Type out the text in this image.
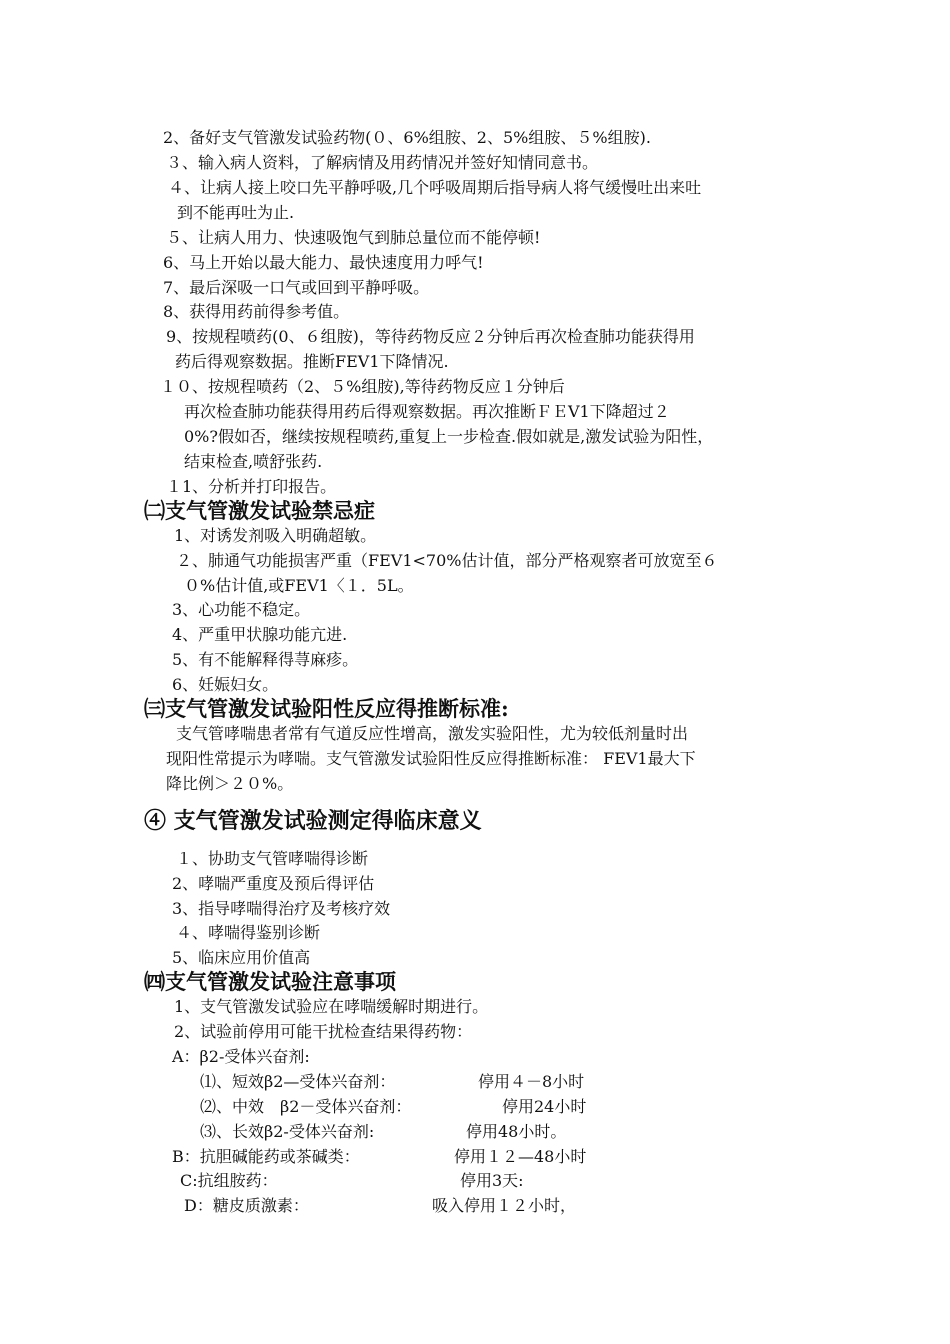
2、备好支气管激发试验药物(０、6%组胺、2、5%组胺、５%组胺).
３、输入病人资料，了解病情及用药情况并签好知情同意书。
４、让病人接上咬口先平静呼吸,几个呼吸周期后指导病人将气缓慢吐出来吐
到不能再吐为止.
５、让病人用力、快速吸饱气到肺总量位而不能停顿!
6、马上开始以最大能力、最快速度用力呼气!
7、最后深吸一口气或回到平静呼吸。
8、获得用药前得参考值。
9、按规程喷药(0、６组胺)，等待药物反应２分钟后再次检查肺功能获得用
药后得观察数据。推断FEV1下降情况.
１０、按规程喷药（2、５%组胺),等待药物反应１分钟后
再次检查肺功能获得用药后得观察数据。再次推断ＦＥV1下降超过２
0%?假如否，继续按规程喷药,重复上一步检查.假如就是,激发试验为阳性，
结束检查,喷舒张药.
１1、分析并打印报告。
㈡支气管激发试验禁忌症
1、对诱发剂吸入明确超敏。
２、肺通气功能损害严重（FEV1<70%估计值，部分严格观察者可放宽至６
０%估计值,或FEV1〈１．5L。
3、心功能不稳定。
4、严重甲状腺功能亢进.
5、有不能解释得荨麻疹。
6、妊娠妇女。
㈢支气管激发试验阳性反应得推断标准:
支气管哮喘患者常有气道反应性增高，激发实验阳性，尤为较低剂量时出
现阳性常提示为哮喘。支气管激发试验阳性反应得推断标准： FEV1最大下
降比例＞２０%。
④ 支气管激发试验测定得临床意义
１、协助支气管哮喘得诊断
2、哮喘严重度及预后得评估
3、指导哮喘得治疗及考核疗效
４、哮喘得鉴别诊断
5、临床应用价值高
㈣支气管激发试验注意事项
1、支气管激发试验应在哮喘缓解时期进行。
2、试验前停用可能干扰检查结果得药物：
A：β2-受体兴奋剂:
⑴、短效β2—受体兴奋剂：	停用４－8小时
⑵、中效　β2－受体兴奋剂：	停用24小时
⑶、长效β2-受体兴奋剂:	停用48小时。
B：抗胆碱能药或茶碱类：	停用１２—48小时
C:抗组胺药：	停用3天:
D：糖皮质激素：	吸入停用１２小时，
